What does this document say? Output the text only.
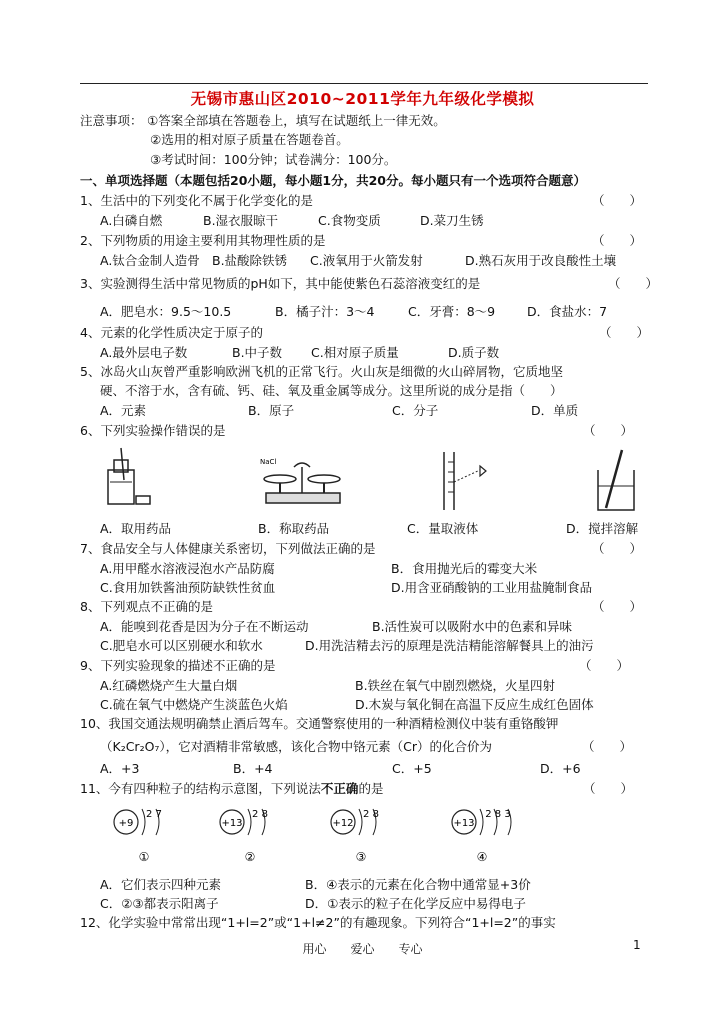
无锡市惠山区2010~2011学年九年级化学模拟
注意事项： ①答案全部填在答题卷上，填写在试题纸上一律无效。
②选用的相对原子质量在答题卷首。
③考试时间：100分钟；试卷满分：100分。
一、单项选择题（本题包括20小题，每小题1分，共20分。每小题只有一个选项符合题意）
1、生活中的下列变化不属于化学变化的是	（　　）
A.白磷自燃	B.湿衣服晾干	C.食物变质	D.菜刀生锈
2、下列物质的用途主要利用其物理性质的是	（　　）
A.钛合金制人造骨 B.盐酸除铁锈 C.液氧用于火箭发射	D.熟石灰用于改良酸性土壤
3、实验测得生活中常见物质的pH如下，其中能使紫色石蕊溶液变红的是	（　　）
A．肥皂水：9.5～10.5	B．橘子汁：3～4	C．牙膏：8～9	D．食盐水：7
4、元素的化学性质决定于原子的	（　　）
A.最外层电子数	B.中子数 C.相对原子质量	D.质子数
5、冰岛火山灰曾严重影响欧洲飞机的正常飞行。火山灰是细微的火山碎屑物，它质地坚
硬、不溶于水，含有硫、钙、硅、氧及重金属等成分。这里所说的成分是指（　　）
A．元素	B．原子	C．分子	D．单质
6、下列实验操作错误的是	（　　）
NaCl
A．取用药品	B．称取药品	C．量取液体	D．搅拌溶解
7、食品安全与人体健康关系密切，下列做法正确的是	（　　）
A.用甲醛水溶液浸泡水产品防腐	B．食用抛光后的霉变大米
C.食用加铁酱油预防缺铁性贫血	D.用含亚硝酸钠的工业用盐腌制食品
8、下列观点不正确的是	（　　）
A．能嗅到花香是因为分子在不断运动	B.活性炭可以吸附水中的色素和异味
C.肥皂水可以区别硬水和软水	D.用洗洁精去污的原理是洗洁精能溶解餐具上的油污
9、下列实验现象的描述不正确的是	（　　）
A.红磷燃烧产生大量白烟	B.铁丝在氧气中剧烈燃烧，火星四射
C.硫在氧气中燃烧产生淡蓝色火焰	D.木炭与氧化铜在高温下反应生成红色固体
10、我国交通法规明确禁止酒后驾车。交通警察使用的一种酒精检测仪中装有重铬酸钾
（K₂Cr₂O₇），它对酒精非常敏感，该化合物中铬元素（Cr）的化合价为	（　　）
A．+3	B．+4	C．+5	D．+6
11、今有四种粒子的结构示意图，下列说法不正确的是	（　　）
+9
2 7
①
+13
2 8
②
+12
2 8
③
+13
2 8 3
④
A．它们表示四种元素	B．④表示的元素在化合物中通常显+3价
C．②③都表示阳离子	D．①表示的粒子在化学反应中易得电子
12、化学实验中常常出现“1+l=2”或“1+l≠2”的有趣现象。下列符合“1+l=2”的事实
用心　　爱心　　专心	1
